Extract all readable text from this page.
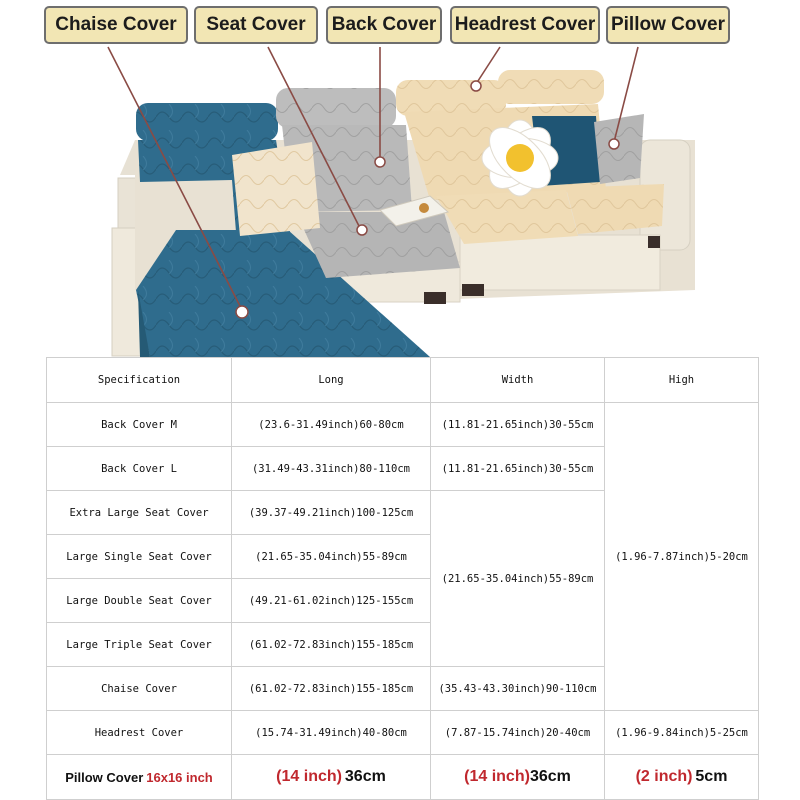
Chaise Cover	Seat Cover	Back Cover Headrest Cover Pillow Cover
Specification	Long	Width	High
Back Cover M	(23.6-31.49inch)60-80cm	(11.81-21.65inch)30-55cm	(1.96-7.87inch)5-20cm
Back Cover L	(31.49-43.31inch)80-110cm	(11.81-21.65inch)30-55cm	
Extra Large Seat Cover	(39.37-49.21inch)100-125cm	(21.65-35.04inch)55-89cm	
Large Single Seat Cover	(21.65-35.04inch)55-89cm		
Large Double Seat Cover	(49.21-61.02inch)125-155cm		
Large Triple Seat Cover	(61.02-72.83inch)155-185cm		
Chaise Cover	(61.02-72.83inch)155-185cm	(35.43-43.30inch)90-110cm	
Headrest Cover	(15.74-31.49inch)40-80cm	(7.87-15.74inch)20-40cm	(1.96-9.84inch)5-25cm
Pillow Cover 16x16 inch	(14 inch) 36cm	(14 inch)36cm	(2 inch) 5cm
